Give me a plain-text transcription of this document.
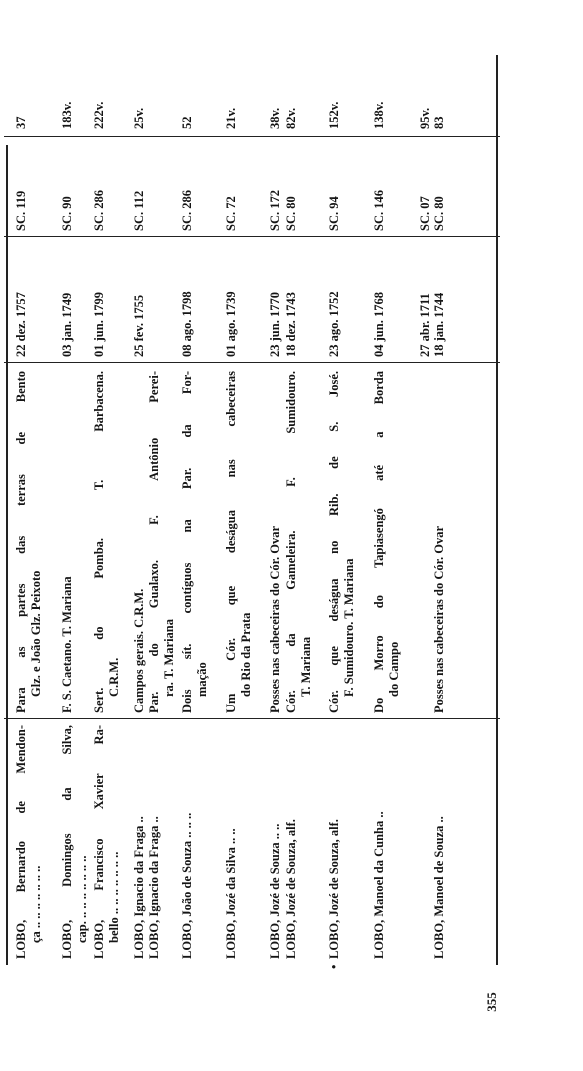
LOBO, Bernardo de Mendon- ça .. .. .. .. .. .. ..
Para as partes das terras de Bento Glz. e João Glz. Peixoto
22 dez. 1757
SC. 119
37
LOBO, Domingos da Silva, cap. .. .. .. .. .. .. ..
F. S. Caetano. T. Mariana
03 jan. 1749
SC. 90
183v.
LOBO, Francisco Xavier Ra- bello .. .. .. .. .. .. ..
Sert. do Pomba. T. Barbacena. C.R.M.
01 jun. 1799
SC. 286
222v.
LOBO, Ignacio da Fraga ..
Campos gerais. C.R.M.
25 fev. 1755
SC. 112
25v.
LOBO, Ignacio da Fraga ..
Par. do Gualaxo. F. Antônio Perei- ra. T. Mariana
LOBO, João de Souza .. .. ..
Dois sít. contíguos na Par. da For- mação
08 ago. 1798
SC. 286
52
LOBO, Jozé da Silva .. ..
Um Cór. que deságua nas cabeceiras do Rio da Prata
01 ago. 1739
SC. 72
21v.
LOBO, Jozé de Souza .. ..
Posses nas cabeceiras do Cór. Ovar
23 jun. 1770
SC. 172
38v.
LOBO, Jozé de Souza, alf.
Cór. da Gameleira. F. Sumidouro. T. Mariana
18 dez. 1743
SC. 80
82v.
•
LOBO, Jozé de Souza, alf.
Cór. que deságua no Rib. de S. José. F. Sumidouro. T. Mariana
23 ago. 1752
SC. 94
152v.
LOBO, Manoel da Cunha ..
Do Morro do Tapiasengó até a Borda do Campo
04 jun. 1768
SC. 146
138v.
27 abr. 1711
SC. 07
95v.
LOBO, Manoel de Souza ..
Posses nas cabeceiras do Cór. Ovar
18 jan. 1744
SC. 80
83
355
